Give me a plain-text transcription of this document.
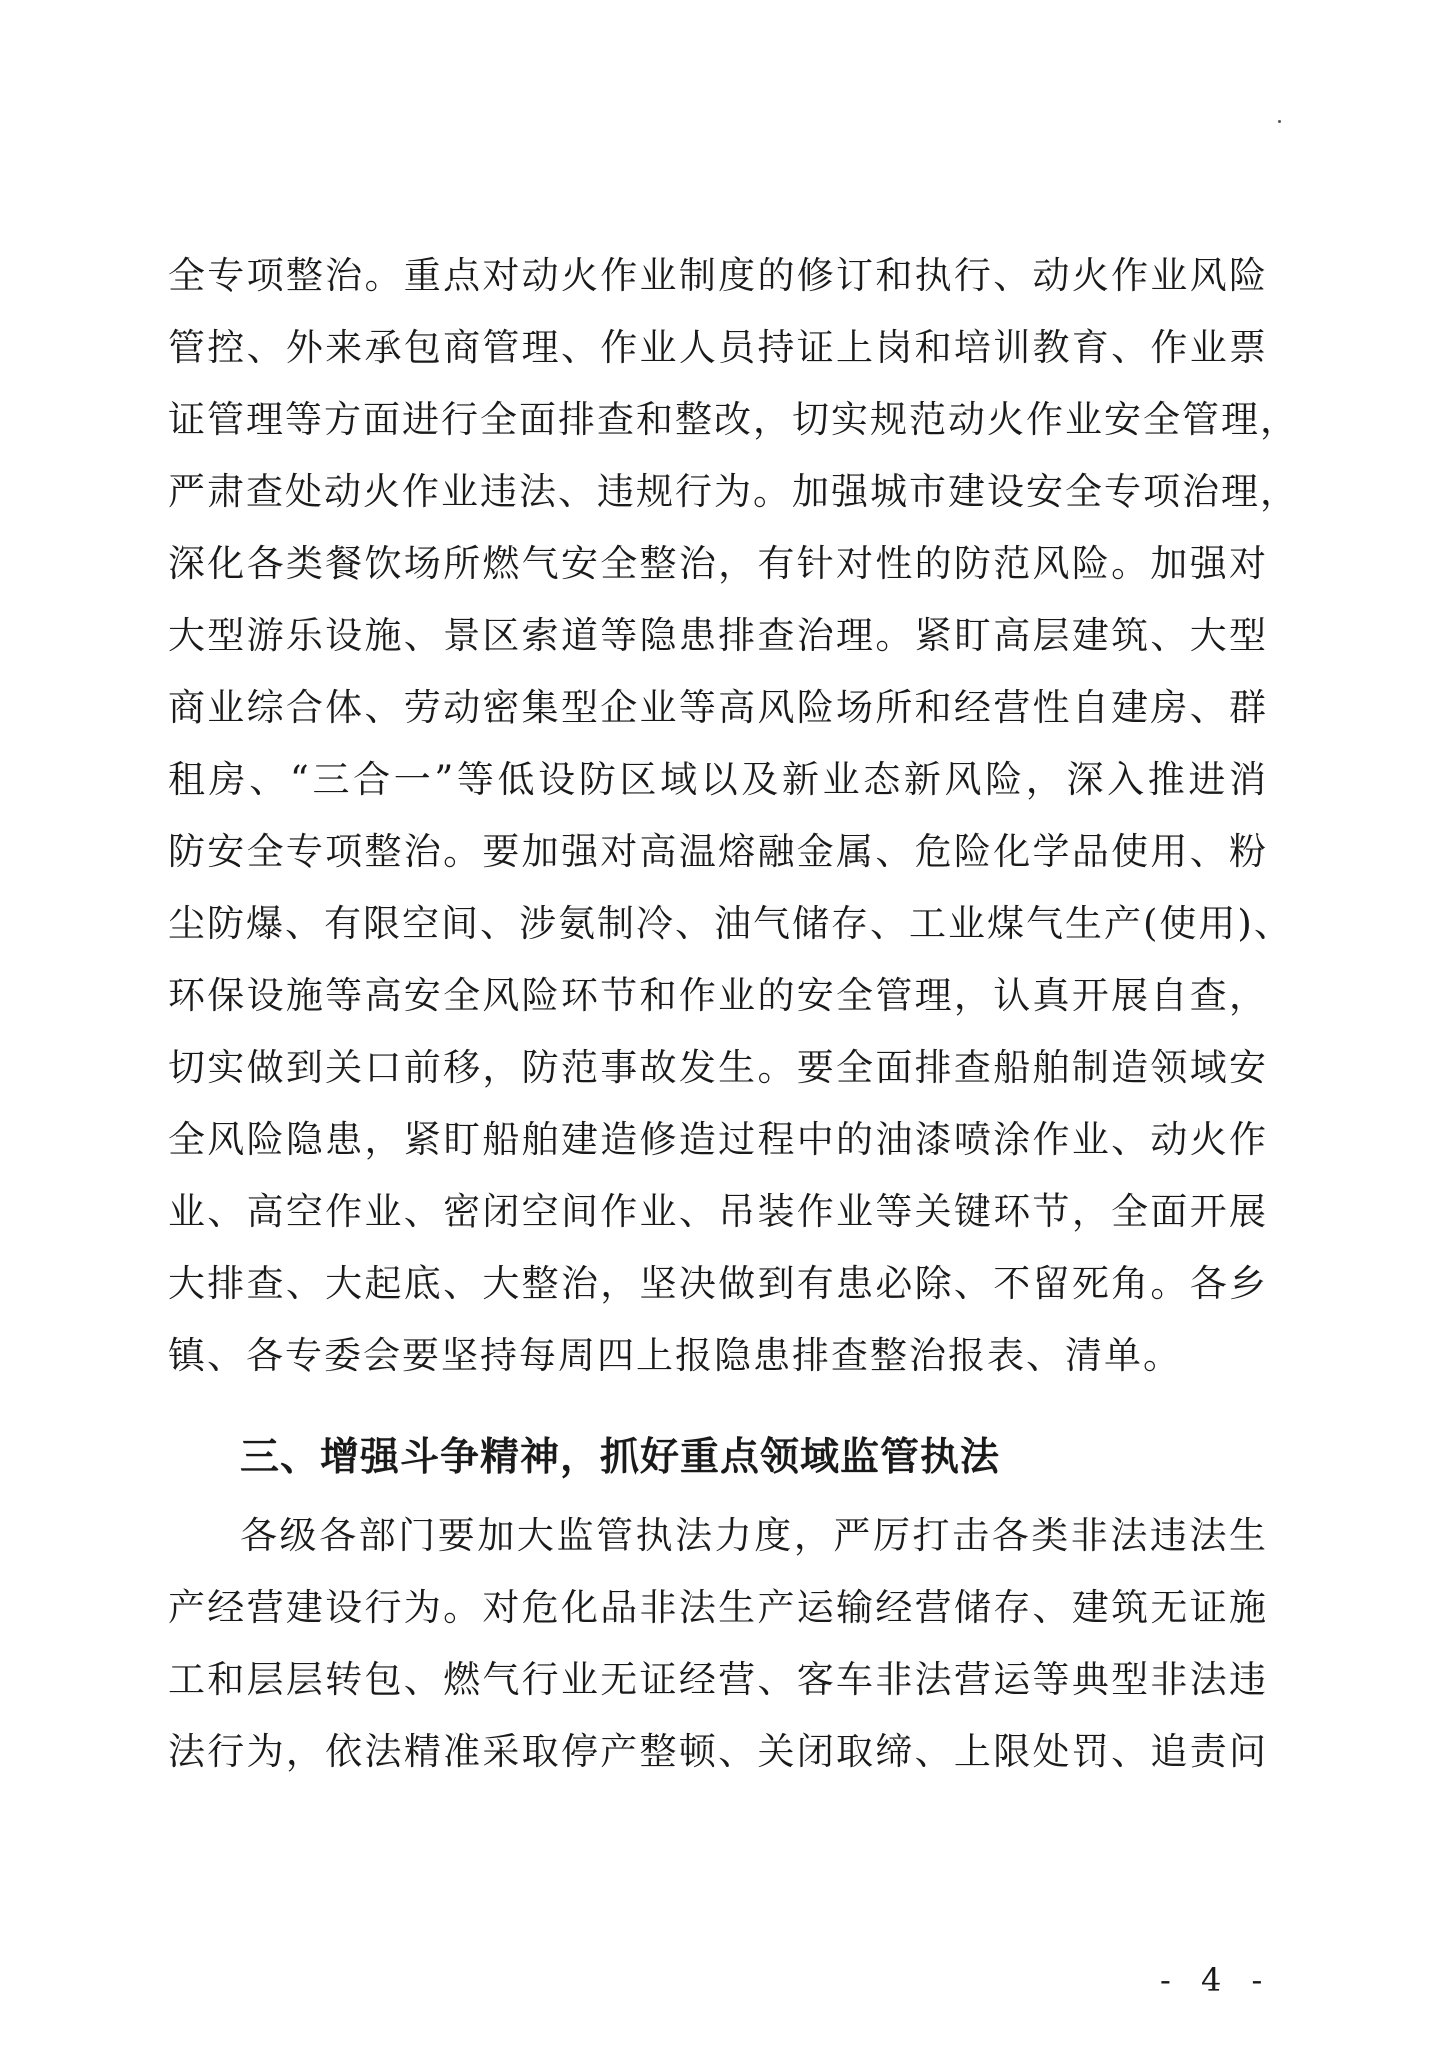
全专项整治。重点对动火作业制度的修订和执行、动火作业风险
管控、外来承包商管理、作业人员持证上岗和培训教育、作业票
证管理等方面进行全面排查和整改，切实规范动火作业安全管理，
严肃查处动火作业违法、违规行为。加强城市建设安全专项治理，
深化各类餐饮场所燃气安全整治，有针对性的防范风险。加强对
大型游乐设施、景区索道等隐患排查治理。紧盯高层建筑、大型
商业综合体、劳动密集型企业等高风险场所和经营性自建房、群
租房、“三合一”等低设防区域以及新业态新风险，深入推进消
防安全专项整治。要加强对高温熔融金属、危险化学品使用、粉
尘防爆、有限空间、涉氨制冷、油气储存、工业煤气生产(使用)、
环保设施等高安全风险环节和作业的安全管理，认真开展自查，
切实做到关口前移，防范事故发生。要全面排查船舶制造领域安
全风险隐患，紧盯船舶建造修造过程中的油漆喷涂作业、动火作
业、高空作业、密闭空间作业、吊装作业等关键环节，全面开展
大排查、大起底、大整治，坚决做到有患必除、不留死角。各乡
镇、各专委会要坚持每周四上报隐患排查整治报表、清单。
三、增强斗争精神，抓好重点领域监管执法
各级各部门要加大监管执法力度，严厉打击各类非法违法生
产经营建设行为。对危化品非法生产运输经营储存、建筑无证施
工和层层转包、燃气行业无证经营、客车非法营运等典型非法违
法行为，依法精准采取停产整顿、关闭取缔、上限处罚、追责问
- 4 -
